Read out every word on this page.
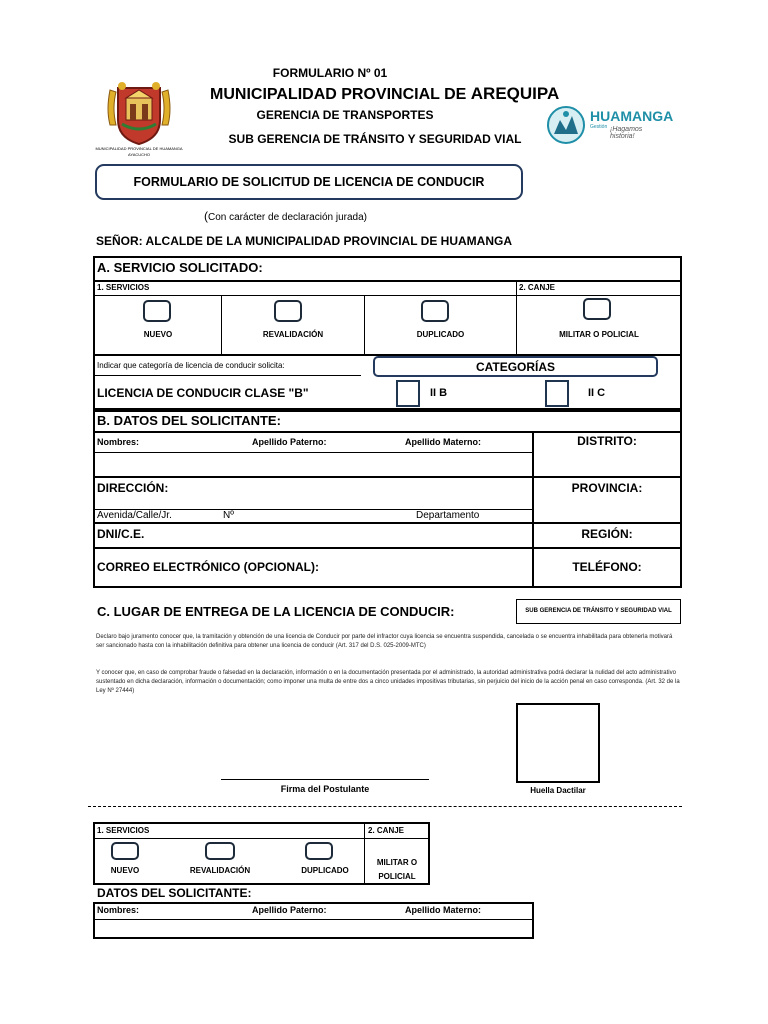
FORMULARIO Nº 01
MUNICIPALIDAD PROVINCIAL DE AREQUIPA
GERENCIA DE TRANSPORTES
SUB GERENCIA DE TRÁNSITO Y SEGURIDAD VIAL
MUNICIPALIDAD PROVINCIAL DE HUAMANGA
AYACUCHO
HUAMANGA
Gestión ¡Hagamos historia!
FORMULARIO DE SOLICITUD DE LICENCIA DE CONDUCIR
(Con carácter de declaración jurada)
SEÑOR: ALCALDE DE LA MUNICIPALIDAD PROVINCIAL DE HUAMANGA
A. SERVICIO SOLICITADO:
1. SERVICIOS	2. CANJE
NUEVO	REVALIDACIÓN	DUPLICADO	MILITAR O POLICIAL
Indicar que categoría de licencia de conducir solicita:	CATEGORÍAS
LICENCIA DE CONDUCIR CLASE "B"	II B	II C
B. DATOS DEL SOLICITANTE:
Nombres:	Apellido Paterno:	Apellido Materno:	DISTRITO:
DIRECCIÓN:	PROVINCIA:
Avenida/Calle/Jr.	Nº	Departamento
DNI/C.E.	REGIÓN:
CORREO ELECTRÓNICO (OPCIONAL):	TELÉFONO:
C. LUGAR DE ENTREGA DE LA LICENCIA DE CONDUCIR:	SUB GERENCIA DE TRÁNSITO Y SEGURIDAD VIAL
Declaro bajo juramento conocer que, la tramitación y obtención de una licencia de Conducir por parte del infractor cuya licencia se encuentra suspendida, cancelada o se encuentra inhabilitada para obtenerla motivará ser sancionado hasta con la inhabilitación definitiva para obtener una licencia de conducir (Art. 317 del D.S. 025-2009-MTC)
Y conocer que, en caso de comprobar fraude o falsedad en la declaración, información o en la documentación presentada por el administrado, la autoridad administrativa podrá declarar la nulidad del acto administrativo sustentado en dicha declaración, información o documentación; como imponer una multa de entre dos a cinco unidades impositivas tributarias, sin perjuicio del inicio de la acción penal en caso corresponda. (Art. 32 de la Ley Nº 27444)
Firma del Postulante	Huella Dactilar
1. SERVICIOS	2. CANJE
NUEVO	REVALIDACIÓN	DUPLICADO
MILITAR O POLICIAL
DATOS DEL SOLICITANTE:
Nombres:	Apellido Paterno:	Apellido Materno:
